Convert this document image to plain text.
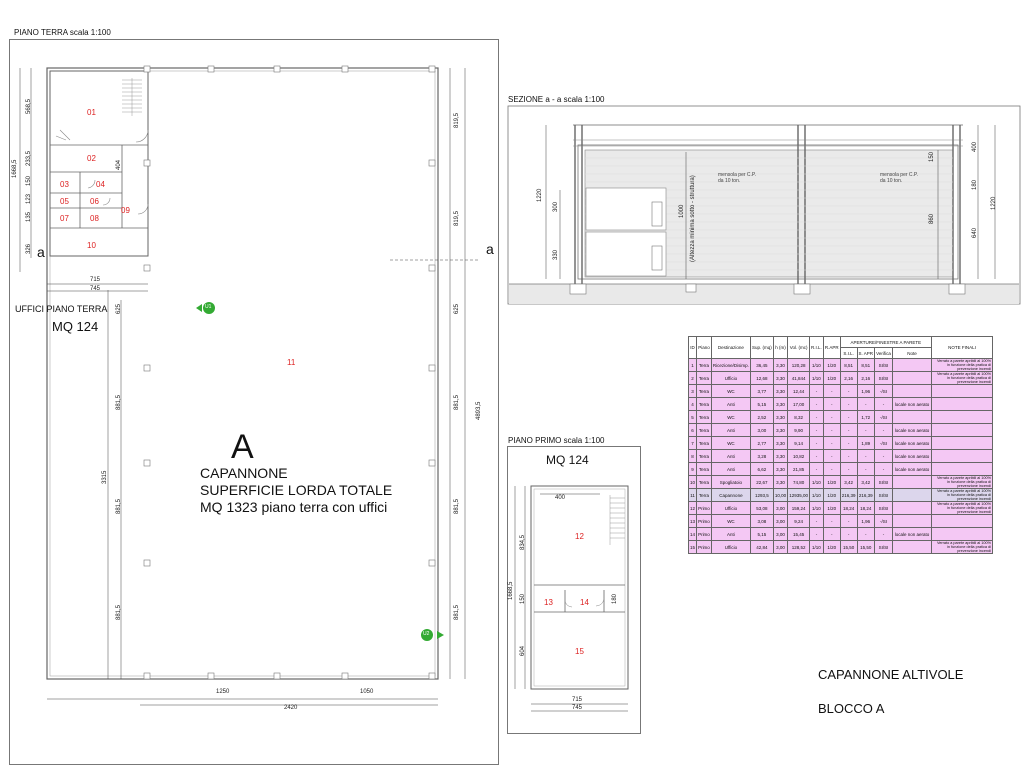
PIANO TERRA scala 1:100
01
02
03	04
05	06
07	08
09
10
11
a	a
UFFICI PIANO TERRA
MQ 124
A
CAPANNONE
SUPERFICIE LORDA TOTALE
MQ 1323 piano terra con uffici
U1
U2
715
745
1250	1050
2420
1668,5
568,5
233,5
150
123
135
326
404
3315
625
881,5
881,5
881,5
819,5
819,5
625
881,5
881,5
881,5
4893,5
SEZIONE a - a scala 1:100
mensola per C.P.
da 10 ton.
mensola per C.P.
da 10 ton.
(Altezza minima sotto - struttura)
1220
300
330
1000
150
860
400
180
640
1220
PIANO PRIMO scala 1:100
MQ 124
12
13	14
15
400
834,5
1668,5 150
604
180
715
745
ID	Piano	Destinazione	Sup. (mq)	h (m)	Vol. (mc)	R.I.L.	R.APR	APERTURE/FINESTRE A PARETE				NOTE FINALI
								S.I.L.	S. APR	Verifica	Note	
1	Terra	Ricezione/Disimp.	36,45	3,30	120,28	1/10	1/20	8,51	8,51	SI/SI		Verrato a parete apribili al 100% in funzione della pratica di prevenzione incendi
2	Terra	Ufficio	12,68	3,30	41,844	1/10	1/20	2,16	2,16	SI/SI		Verrato a parete apribili al 100% in funzione della pratica di prevenzione incendi
3	Terra	WC	3,77	3,30	12,44	-	-	-	1,96	-/SI		
4	Terra	Anti	5,15	3,30	17,00	-	-	-	-	-	locale non aerato	
5	Terra	WC	2,52	3,30	8,32	-	-	-	1,72	-/SI		
6	Terra	Anti	3,00	3,30	9,90	-	-	-	-	-	locale non aerato	
7	Terra	WC	2,77	3,30	9,14	-	-	-	1,89	-/SI	locale non aerato	
8	Terra	Anti	3,28	3,30	10,82	-	-	-	-	-	locale non aerato	
9	Terra	Anti	6,62	3,30	21,85	-	-	-	-	-	locale non aerato	
10	Terra	Spogliatoio	22,67	3,30	74,80	1/10	1/20	3,42	3,42	SI/SI		Verrato a parete apribili al 100% in funzione della pratica di prevenzione incendi
11	Terra	Capannone	1293,5	10,00	12935,00	1/10	1/20	216,39	216,39	SI/SI		Verrato a parete apribili al 100% in funzione della pratica di prevenzione incendi
12	Primo	Ufficio	53,08	3,00	159,24	1/10	1/20	18,24	18,24	SI/SI		Verrato a parete apribili al 100% in funzione della pratica di prevenzione incendi
13	Primo	WC	3,08	3,00	9,24	-	-	-	1,96	-/SI		
14	Primo	Anti	5,15	3,00	15,45	-	-	-	-	-	locale non aerato	
15	Primo	Ufficio	42,84	3,00	128,52	1/10	1/20	15,50	15,50	SI/SI		Verrato a parete apribili al 100% in funzione della pratica di prevenzione incendi
CAPANNONE ALTIVOLE
BLOCCO A
